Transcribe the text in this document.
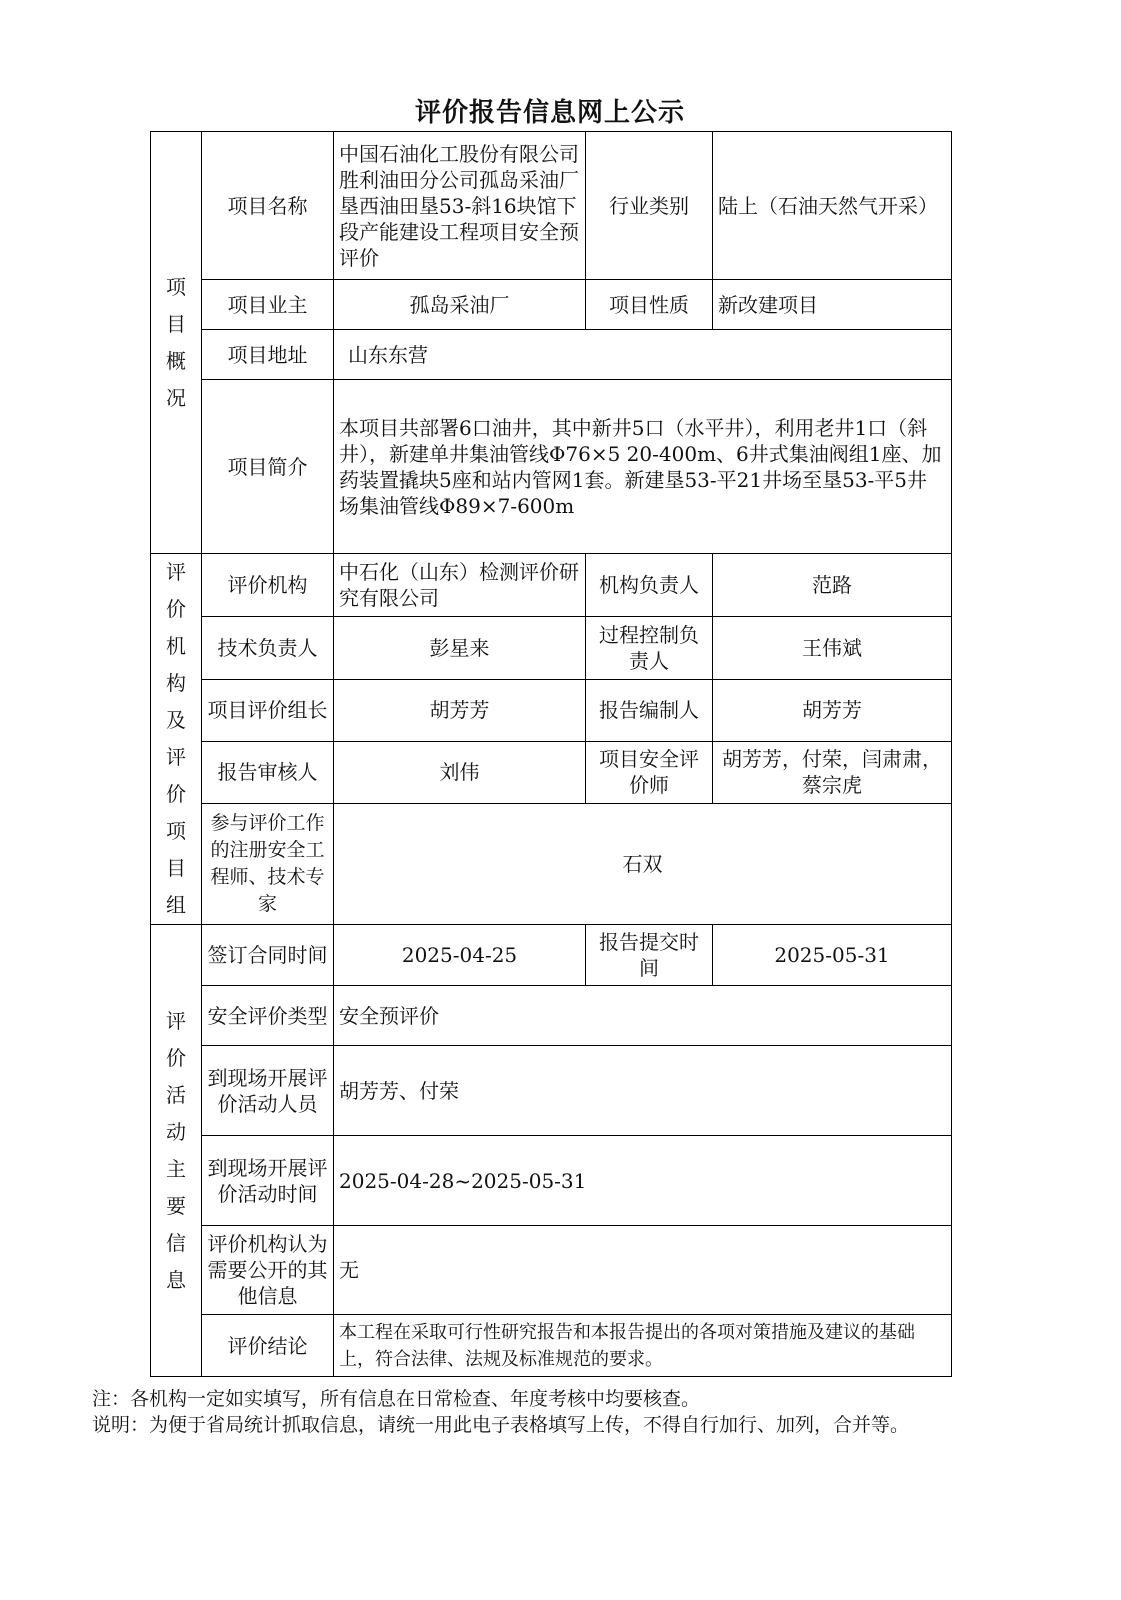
评价报告信息网上公示
项目概况	项目名称	中国石油化工股份有限公司胜利油田分公司孤岛采油厂垦西油田垦53-斜16块馆下段产能建设工程项目安全预评价	行业类别	陆上（石油天然气开采）
	项目业主	孤岛采油厂	项目性质	新改建项目
	项目地址	山东东营		
	项目简介	本项目共部署6口油井，其中新井5口（水平井），利用老井1口（斜井），新建单井集油管线Φ76×5 20-400m、6井式集油阀组1座、加药装置撬块5座和站内管网1套。新建垦53-平21井场至垦53-平5井场集油管线Φ89×7-600m		

评价机构及评价项目组	评价机构	中石化（山东）检测评价研究有限公司	机构负责人	范路
	技术负责人	彭星来	过程控制负责人	王伟斌
	项目评价组长	胡芳芳	报告编制人	胡芳芳
	报告审核人	刘伟	项目安全评价师	胡芳芳，付荣，闫肃肃，蔡宗虎
	参与评价工作的注册安全工程师、技术专家	石双		

评价活动主要信息	签订合同时间	2025-04-25	报告提交时间	2025-05-31
	安全评价类型	安全预评价		
	到现场开展评价活动人员	胡芳芳、付荣		
	到现场开展评价活动时间	2025-04-28~2025-05-31		
	评价机构认为需要公开的其他信息	无		
	评价结论	本工程在采取可行性研究报告和本报告提出的各项对策措施及建议的基础上，符合法律、法规及标准规范的要求。		
注：各机构一定如实填写，所有信息在日常检查、年度考核中均要核查。
说明：为便于省局统计抓取信息，请统一用此电子表格填写上传，不得自行加行、加列，合并等。
